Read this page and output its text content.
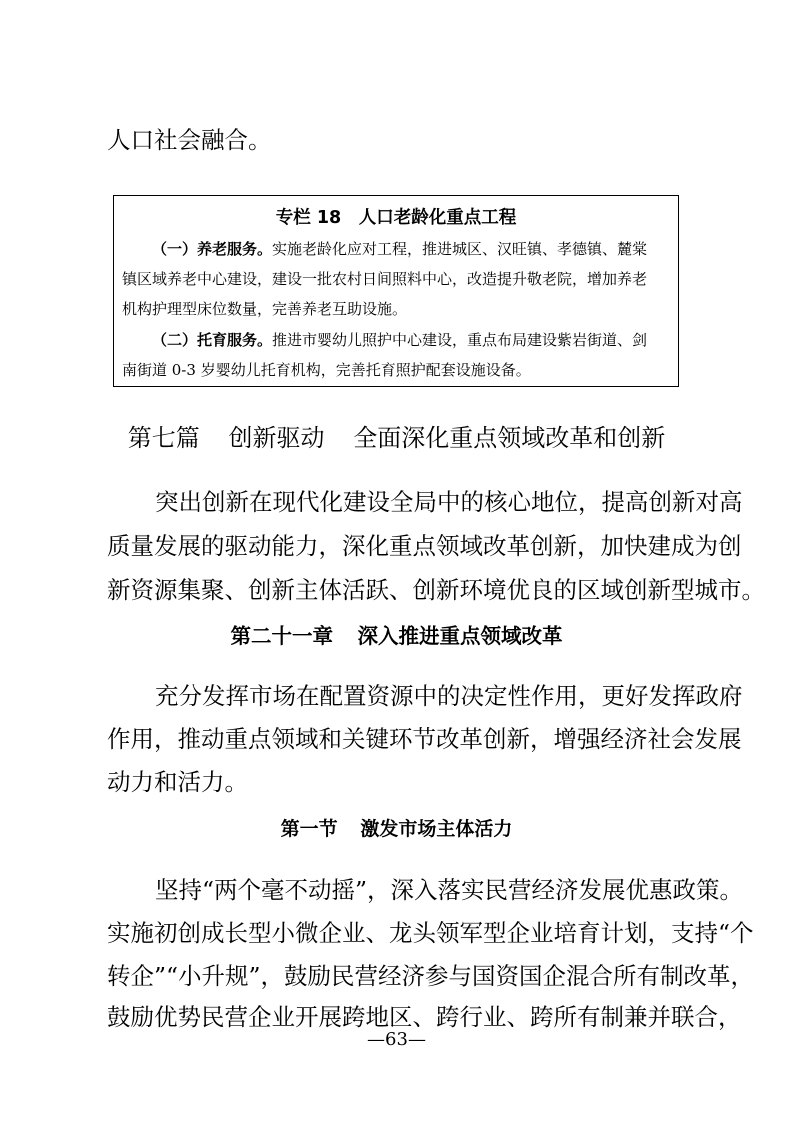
人口社会融合。
专栏 18　人口老龄化重点工程
（一）养老服务。实施老龄化应对工程，推进城区、汉旺镇、孝德镇、麓棠
镇区域养老中心建设，建设一批农村日间照料中心，改造提升敬老院，增加养老
机构护理型床位数量，完善养老互助设施。
（二）托育服务。推进市婴幼儿照护中心建设，重点布局建设紫岩街道、剑
南街道 0-3 岁婴幼儿托育机构，完善托育照护配套设施设备。
第七篇 创新驱动 全面深化重点领域改革和创新
突出创新在现代化建设全局中的核心地位，提高创新对高
质量发展的驱动能力，深化重点领域改革创新，加快建成为创
新资源集聚、创新主体活跃、创新环境优良的区域创新型城市。
第二十一章 深入推进重点领域改革
充分发挥市场在配置资源中的决定性作用，更好发挥政府
作用，推动重点领域和关键环节改革创新，增强经济社会发展
动力和活力。
第一节 激发市场主体活力
坚持“两个毫不动摇”，深入落实民营经济发展优惠政策。
实施初创成长型小微企业、龙头领军型企业培育计划，支持“个
转企”“小升规”，鼓励民营经济参与国资国企混合所有制改革，
鼓励优势民营企业开展跨地区、跨行业、跨所有制兼并联合，
—63—
